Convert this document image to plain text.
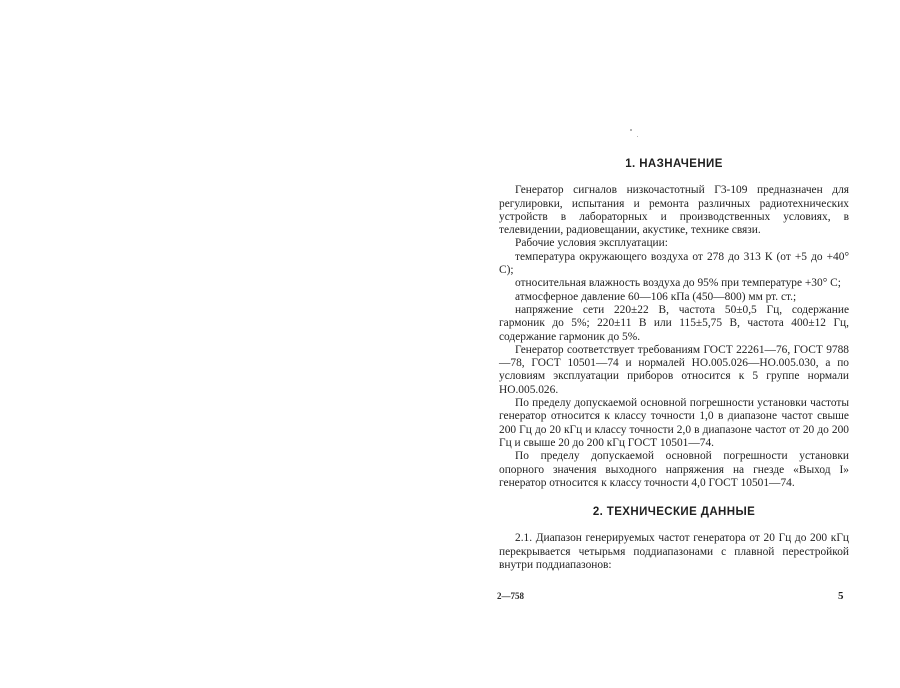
1. НАЗНАЧЕНИЕ

Генератор сигналов низкочастотный Г3-109 предназначен для регулировки, испытания и ремонта различных радиотехнических устройств в лабораторных и производственных условиях, в телевидении, радиовещании, акустике, технике связи.

Рабочие условия эксплуатации:

температура окружающего воздуха от 278 до 313 К (от +5 до +40° С);

относительная влажность воздуха до 95% при температуре +30° С;

атмосферное давление 60—106 кПа (450—800) мм рт. ст.;

напряжение сети 220±22 В, частота 50±0,5 Гц, содержание гармоник до 5%; 220±11 В или 115±5,75 В, частота 400±12 Гц, содержание гармоник до 5%.

Генератор соответствует требованиям ГОСТ 22261—76, ГОСТ 9788—78, ГОСТ 10501—74 и нормалей НО.005.026—НО.005.030, а по условиям эксплуатации приборов относится к 5 группе нормали НО.005.026.

По пределу допускаемой основной погрешности установки частоты генератор относится к классу точности 1,0 в диапазоне частот свыше 200 Гц до 20 кГц и классу точности 2,0 в диапазоне частот от 20 до 200 Гц и свыше 20 до 200 кГц ГОСТ 10501—74.

По пределу допускаемой основной погрешности установки опорного значения выходного напряжения на гнезде «Выход I» генератор относится к классу точности 4,0 ГОСТ 10501—74.

2. ТЕХНИЧЕСКИЕ ДАННЫЕ

2.1. Диапазон генерируемых частот генератора от 20 Гц до 200 кГц перекрывается четырьмя поддиапазонами с плавной перестройкой внутри поддиапазонов:

2—758	5
